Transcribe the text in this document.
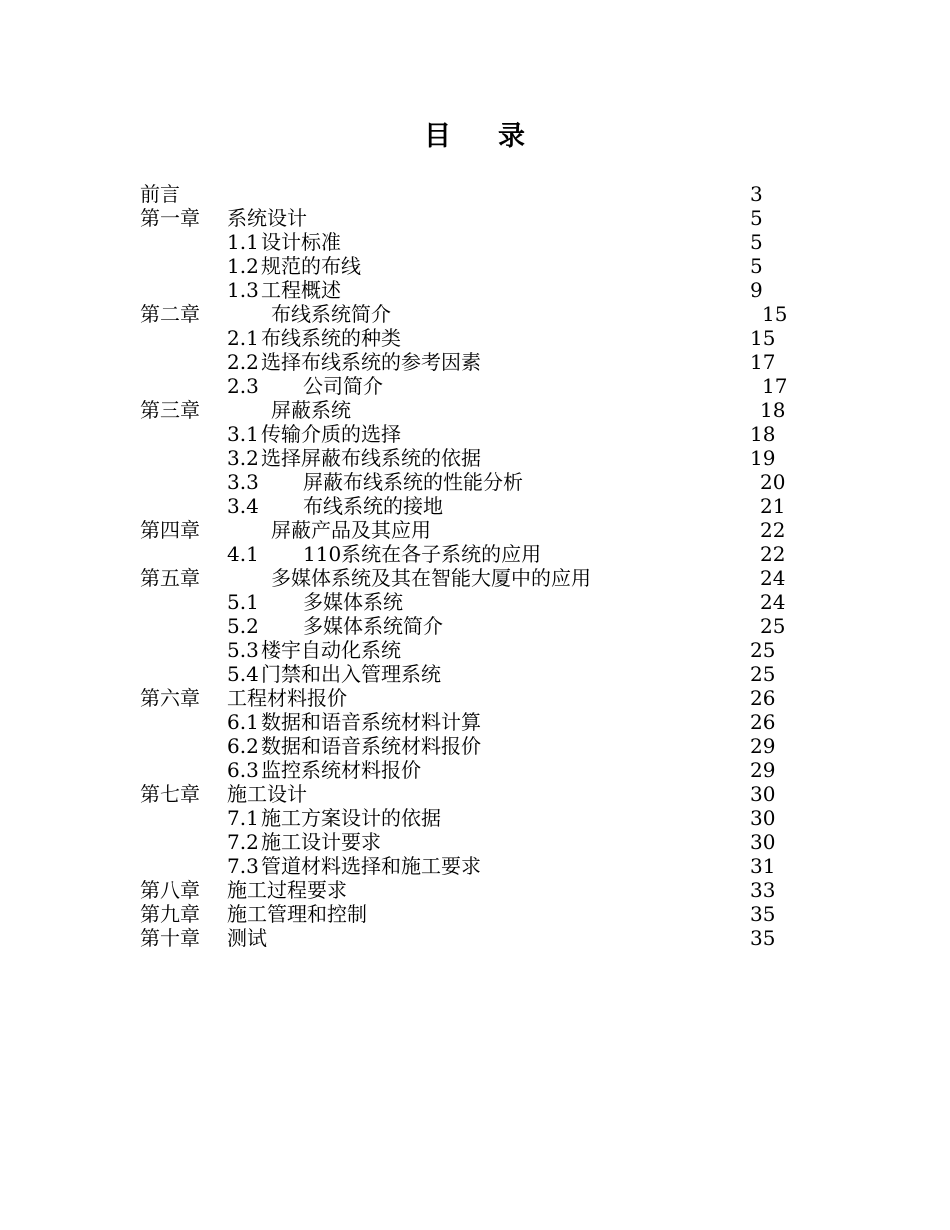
目 录
前言	3
第一章 系统设计	5
1.1 设计标准	5
1.2 规范的布线	5
1.3 工程概述	9
第二章	布线系统简介	15
2.1 布线系统的种类	15
2.2 选择布线系统的参考因素	17
2.3 公司简介	17
第三章	屏蔽系统	18
3.1 传输介质的选择	18
3.2 选择屏蔽布线系统的依据	19
3.3 屏蔽布线系统的性能分析	20
3.4 布线系统的接地	21
第四章	屏蔽产品及其应用	22
4.1 110系统在各子系统的应用	22
第五章	多媒体系统及其在智能大厦中的应用	24
5.1 多媒体系统	24
5.2 多媒体系统简介	25
5.3 楼宇自动化系统	25
5.4 门禁和出入管理系统	25
第六章 工程材料报价	26
6.1 数据和语音系统材料计算	26
6.2 数据和语音系统材料报价	29
6.3 监控系统材料报价	29
第七章 施工设计	30
7.1 施工方案设计的依据	30
7.2 施工设计要求	30
7.3 管道材料选择和施工要求	31
第八章 施工过程要求	33
第九章 施工管理和控制	35
第十章 测试	35
